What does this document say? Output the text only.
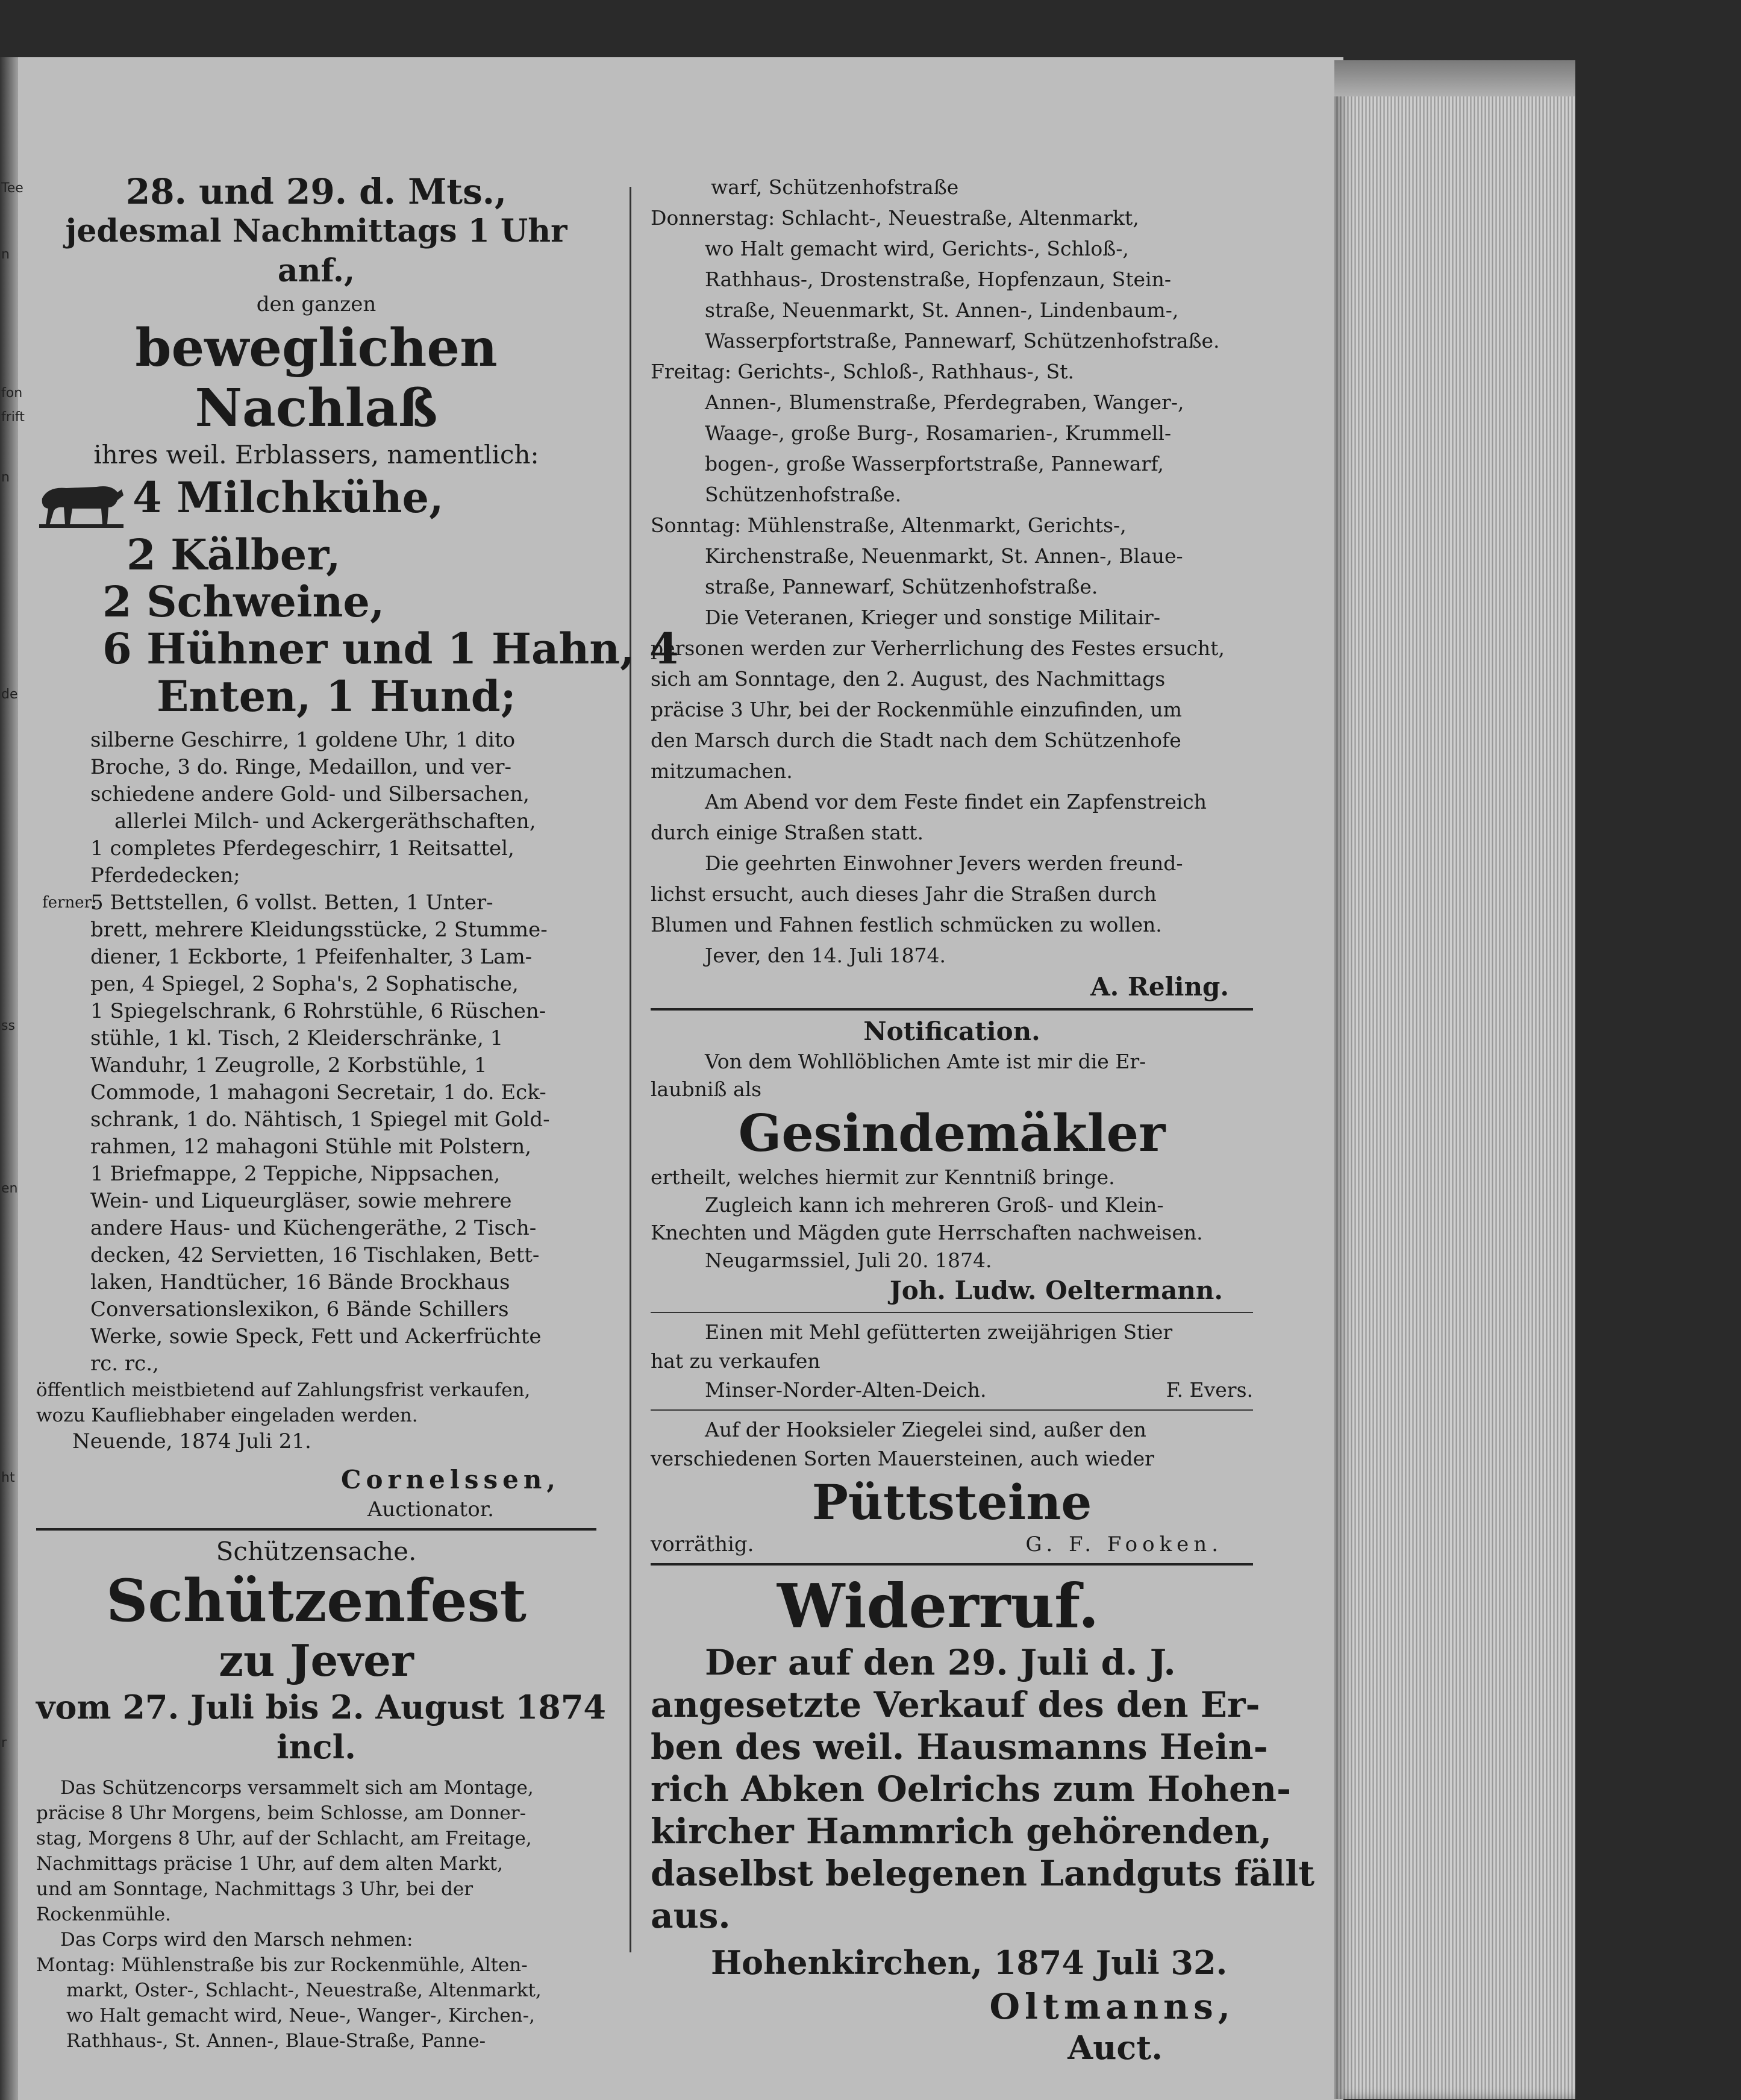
Tee
n
fon
frift
n
de
ss
en
ht
r
28. und 29. d. Mts.,
jedesmal Nachmittags 1 Uhr anf.,
den ganzen
beweglichen Nachlaß
ihres weil. Erblassers, namentlich:
4 Milchkühe,
2 Kälber,
2 Schweine,
6 Hühner und 1 Hahn, 4
Enten, 1 Hund;
silberne Geschirre, 1 goldene Uhr, 1 dito
Broche, 3 do. Ringe, Medaillon, und ver-
schiedene andere Gold- und Silbersachen,
allerlei Milch- und Ackergeräthschaften,
1 completes Pferdegeschirr, 1 Reitsattel,
Pferdedecken;
ferner:
5 Bettstellen, 6 vollst. Betten, 1 Unter-
brett, mehrere Kleidungsstücke, 2 Stumme-
diener, 1 Eckborte, 1 Pfeifenhalter, 3 Lam-
pen, 4 Spiegel, 2 Sopha's, 2 Sophatische,
1 Spiegelschrank, 6 Rohrstühle, 6 Rüschen-
stühle, 1 kl. Tisch, 2 Kleiderschränke, 1
Wanduhr, 1 Zeugrolle, 2 Korbstühle, 1
Commode, 1 mahagoni Secretair, 1 do. Eck-
schrank, 1 do. Nähtisch, 1 Spiegel mit Gold-
rahmen, 12 mahagoni Stühle mit Polstern,
1 Briefmappe, 2 Teppiche, Nippsachen,
Wein- und Liqueurgläser, sowie mehrere
andere Haus- und Küchengeräthe, 2 Tisch-
decken, 42 Servietten, 16 Tischlaken, Bett-
laken, Handtücher, 16 Bände Brockhaus
Conversationslexikon, 6 Bände Schillers
Werke, sowie Speck, Fett und Ackerfrüchte
rc. rc.,
öffentlich meistbietend auf Zahlungsfrist verkaufen,
wozu Kaufliebhaber eingeladen werden.
Neuende, 1874 Juli 21.
Cornelssen,
Auctionator.
Schützensache.
Schützenfest
zu Jever
vom 27. Juli bis 2. August 1874
incl.
Das Schützencorps versammelt sich am Montage,
präcise 8 Uhr Morgens, beim Schlosse, am Donner-
stag, Morgens 8 Uhr, auf der Schlacht, am Freitage,
Nachmittags präcise 1 Uhr, auf dem alten Markt,
und am Sonntage, Nachmittags 3 Uhr, bei der
Rockenmühle.
Das Corps wird den Marsch nehmen:
Montag: Mühlenstraße bis zur Rockenmühle, Alten-
markt, Oster-, Schlacht-, Neuestraße, Altenmarkt,
wo Halt gemacht wird, Neue-, Wanger-, Kirchen-,
Rathhaus-, St. Annen-, Blaue-Straße, Panne-
warf, Schützenhofstraße
Donnerstag: Schlacht-, Neuestraße, Altenmarkt,
wo Halt gemacht wird, Gerichts-, Schloß-,
Rathhaus-, Drostenstraße, Hopfenzaun, Stein-
straße, Neuenmarkt, St. Annen-, Lindenbaum-,
Wasserpfortstraße, Pannewarf, Schützenhofstraße.
Freitag: Gerichts-, Schloß-, Rathhaus-, St.
Annen-, Blumenstraße, Pferdegraben, Wanger-,
Waage-, große Burg-, Rosamarien-, Krummell-
bogen-, große Wasserpfortstraße, Pannewarf,
Schützenhofstraße.
Sonntag: Mühlenstraße, Altenmarkt, Gerichts-,
Kirchenstraße, Neuenmarkt, St. Annen-, Blaue-
straße, Pannewarf, Schützenhofstraße.
Die Veteranen, Krieger und sonstige Militair-
personen werden zur Verherrlichung des Festes ersucht,
sich am Sonntage, den 2. August, des Nachmittags
präcise 3 Uhr, bei der Rockenmühle einzufinden, um
den Marsch durch die Stadt nach dem Schützenhofe
mitzumachen.
Am Abend vor dem Feste findet ein Zapfenstreich
durch einige Straßen statt.
Die geehrten Einwohner Jevers werden freund-
lichst ersucht, auch dieses Jahr die Straßen durch
Blumen und Fahnen festlich schmücken zu wollen.
Jever, den 14. Juli 1874.
A. Reling.
Notification.
Von dem Wohllöblichen Amte ist mir die Er-
laubniß als
Gesindemäkler
ertheilt, welches hiermit zur Kenntniß bringe.
Zugleich kann ich mehreren Groß- und Klein-
Knechten und Mägden gute Herrschaften nachweisen.
Neugarmssiel, Juli 20. 1874.
Joh. Ludw. Oeltermann.
Einen mit Mehl gefütterten zweijährigen Stier
hat zu verkaufen
Minser-Norder-Alten-Deich.	F. Evers.
Auf der Hooksieler Ziegelei sind, außer den
verschiedenen Sorten Mauersteinen, auch wieder
Püttsteine
vorräthig.	G. F. Fooken.
Widerruf.
Der auf den 29. Juli d. J.
angesetzte Verkauf des den Er-
ben des weil. Hausmanns Hein-
rich Abken Oelrichs zum Hohen-
kircher Hammrich gehörenden,
daselbst belegenen Landguts fällt
aus.
Hohenkirchen, 1874 Juli 32.
Oltmanns,
Auct.
